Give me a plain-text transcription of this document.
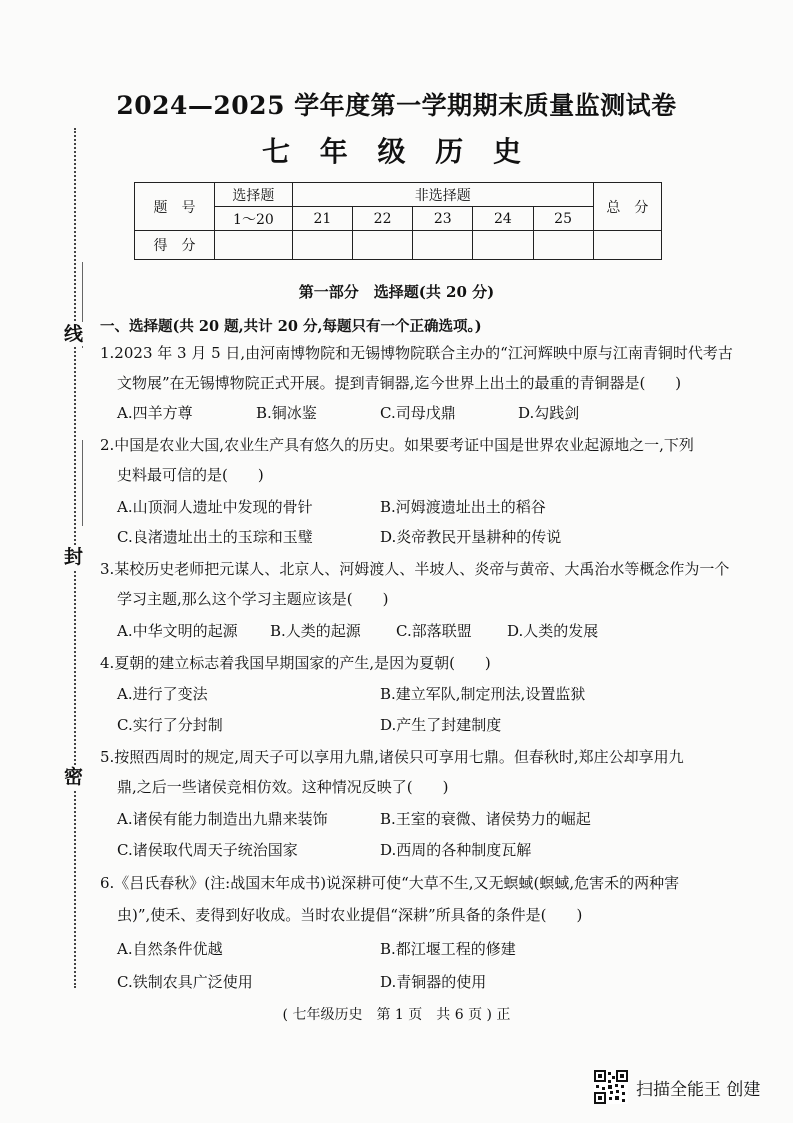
线
封
密
2024—2025 学年度第一学期期末质量监测试卷
七 年 级 历 史
题　号	选择题	非选择题					总　分
	1～20	21	22	23	24	25	
得　分							
第一部分　选择题(共 20 分)
一、选择题(共 20 题,共计 20 分,每题只有一个正确选项。)
1.2023 年 3 月 5 日,由河南博物院和无锡博物院联合主办的“江河辉映中原与江南青铜时代考古
文物展”在无锡博物院正式开展。提到青铜器,迄今世界上出土的最重的青铜器是(　　)
A.四羊方尊	B.铜冰鉴	C.司母戊鼎	D.勾践剑
2.中国是农业大国,农业生产具有悠久的历史。如果要考证中国是世界农业起源地之一,下列
史料最可信的是(　　)
A.山顶洞人遗址中发现的骨针	B.河姆渡遗址出土的稻谷
C.良渚遗址出土的玉琮和玉璧	D.炎帝教民开垦耕种的传说
3.某校历史老师把元谋人、北京人、河姆渡人、半坡人、炎帝与黄帝、大禹治水等概念作为一个
学习主题,那么这个学习主题应该是(　　)
A.中华文明的起源 B.人类的起源 C.部落联盟 D.人类的发展
4.夏朝的建立标志着我国早期国家的产生,是因为夏朝(　　)
A.进行了变法	B.建立军队,制定刑法,设置监狱
C.实行了分封制	D.产生了封建制度
5.按照西周时的规定,周天子可以享用九鼎,诸侯只可享用七鼎。但春秋时,郑庄公却享用九
鼎,之后一些诸侯竞相仿效。这种情况反映了(　　)
A.诸侯有能力制造出九鼎来装饰	B.王室的衰微、诸侯势力的崛起
C.诸侯取代周天子统治国家	D.西周的各种制度瓦解
6.《吕氏春秋》(注:战国末年成书)说深耕可使“大草不生,又无螟蜮(螟蜮,危害禾的两种害
虫)”,使禾、麦得到好收成。当时农业提倡“深耕”所具备的条件是(　　)
A.自然条件优越	B.都江堰工程的修建
C.铁制农具广泛使用	D.青铜器的使用
( 七年级历史　第 1 页　共 6 页 ) 正
扫描全能王 创建
